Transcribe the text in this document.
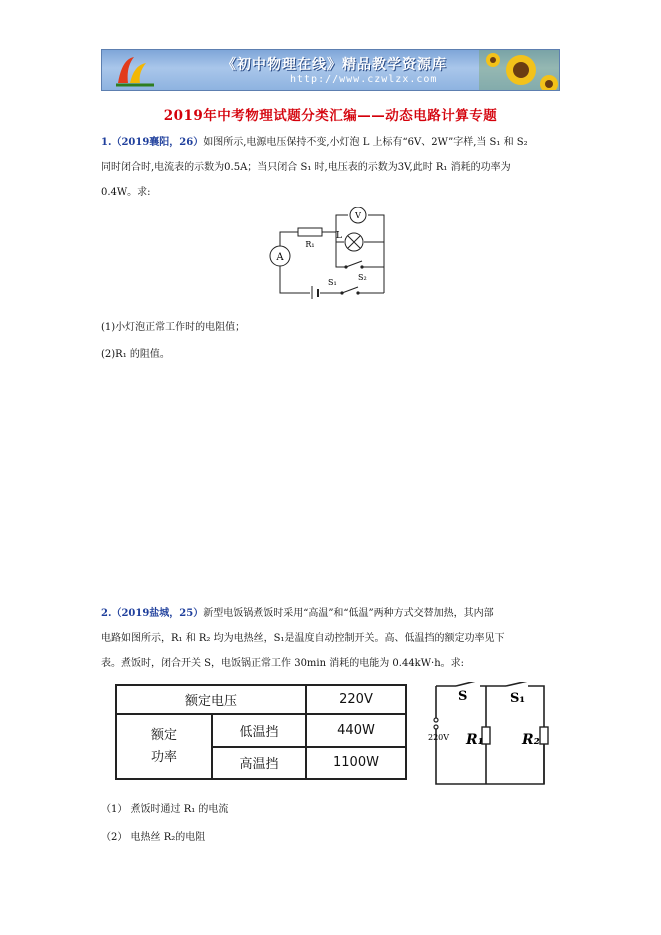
《初中物理在线》精品教学资源库
http://www.czwlzx.com
2019年中考物理试题分类汇编——动态电路计算专题
1.（2019襄阳，26）如图所示,电源电压保持不变,小灯泡 L 上标有“6V、2W”字样,当 S₁ 和 S₂
同时闭合时,电流表的示数为0.5A；当只闭合 S₁ 时,电压表的示数为3V,此时 R₁ 消耗的功率为
0.4W。求:
A
V
L
R₁
S₂
S₁
(1)小灯泡正常工作时的电阻值；
(2)R₁ 的阻值。
2.（2019盐城，25）新型电饭锅煮饭时采用“高温”和“低温”两种方式交替加热，其内部
电路如图所示，R₁ 和 R₂ 均为电热丝，S₁是温度自动控制开关。高、低温挡的额定功率见下
表。煮饭时，闭合开关 S，电饭锅正常工作 30min 消耗的电能为 0.44kW·h。求:
额定电压		220V
额定
功率	低温挡	440W
	高温挡	1100W
S	S₁
220V R₁	R₂
（1） 煮饭时通过 R₁ 的电流
（2） 电热丝 R₂的电阻
